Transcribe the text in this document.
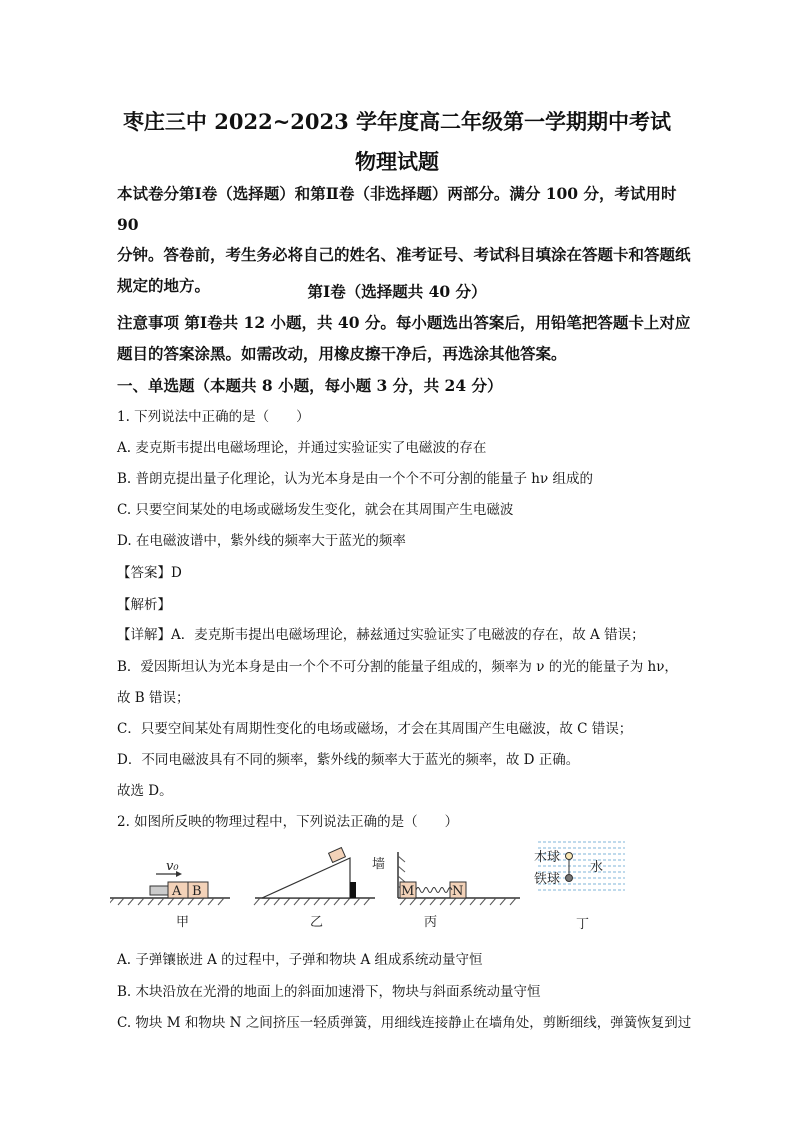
枣庄三中 2022~2023 学年度高二年级第一学期期中考试
物理试题
本试卷分第Ⅰ卷（选择题）和第Ⅱ卷（非选择题）两部分。满分 100 分，考试用时 90
分钟。答卷前，考生务必将自己的姓名、准考证号、考试科目填涂在答题卡和答题纸
规定的地方。	第Ⅰ卷（选择题共 40 分）
注意事项 第Ⅰ卷共 12 小题，共 40 分。每小题选出答案后，用铅笔把答题卡上对应
题目的答案涂黑。如需改动，用橡皮擦干净后，再选涂其他答案。
一、单选题（本题共 8 小题，每小题 3 分，共 24 分）
1. 下列说法中正确的是（　　）
A. 麦克斯韦提出电磁场理论，并通过实验证实了电磁波的存在
B. 普朗克提出量子化理论，认为光本身是由一个个不可分割的能量子 hν 组成的
C. 只要空间某处的电场或磁场发生变化，就会在其周围产生电磁波
D. 在电磁波谱中，紫外线的频率大于蓝光的频率
【答案】D
【解析】
【详解】A．麦克斯韦提出电磁场理论，赫兹通过实验证实了电磁波的存在，故 A 错误；
B．爱因斯坦认为光本身是由一个个不可分割的能量子组成的，频率为 ν 的光的能量子为 hν，
故 B 错误；
C．只要空间某处有周期性变化的电场或磁场，才会在其周围产生电磁波，故 C 错误；
D．不同电磁波具有不同的频率，紫外线的频率大于蓝光的频率，故 D 正确。
故选 D。
2. 如图所反映的物理过程中，下列说法正确的是（　　）
A B
v₀
甲	乙
墙
M	N
丙
木球
铁球
水
丁
A. 子弹镶嵌进 A 的过程中，子弹和物块 A 组成系统动量守恒
B. 木块沿放在光滑的地面上的斜面加速滑下，物块与斜面系统动量守恒
C. 物块 M 和物块 N 之间挤压一轻质弹簧，用细线连接静止在墙角处，剪断细线，弹簧恢复到过
